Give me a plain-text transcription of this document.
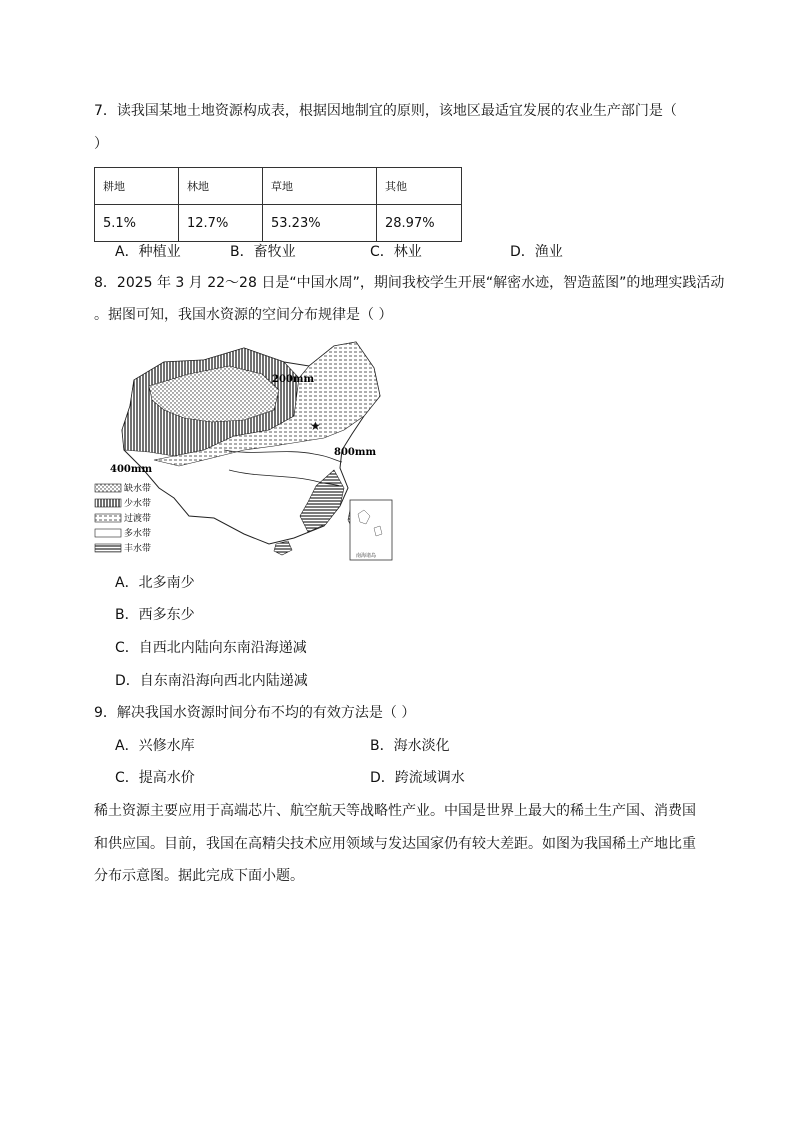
7．读我国某地土地资源构成表，根据因地制宜的原则，该地区最适宜发展的农业生产部门是（
）
耕地	林地	草地	其他
5.1%	12.7%	53.23%	28.97%
A．种植业	B．畜牧业	C．林业	D．渔业
8．2025 年 3 月 22～28 日是“中国水周”，期间我校学生开展“解密水迹，智造蓝图”的地理实践活动
。据图可知，我国水资源的空间分布规律是（ ）
★
200mm
400mm
800mm
南海诸岛
缺水带
少水带
过渡带
多水带
丰水带
A．北多南少
B．西多东少
C．自西北内陆向东南沿海递减
D．自东南沿海向西北内陆递减
9．解决我国水资源时间分布不均的有效方法是（ ）
A．兴修水库	B．海水淡化
C．提高水价	D．跨流域调水
稀土资源主要应用于高端芯片、航空航天等战略性产业。中国是世界上最大的稀土生产国、消费国
和供应国。目前，我国在高精尖技术应用领域与发达国家仍有较大差距。如图为我国稀土产地比重
分布示意图。据此完成下面小题。
